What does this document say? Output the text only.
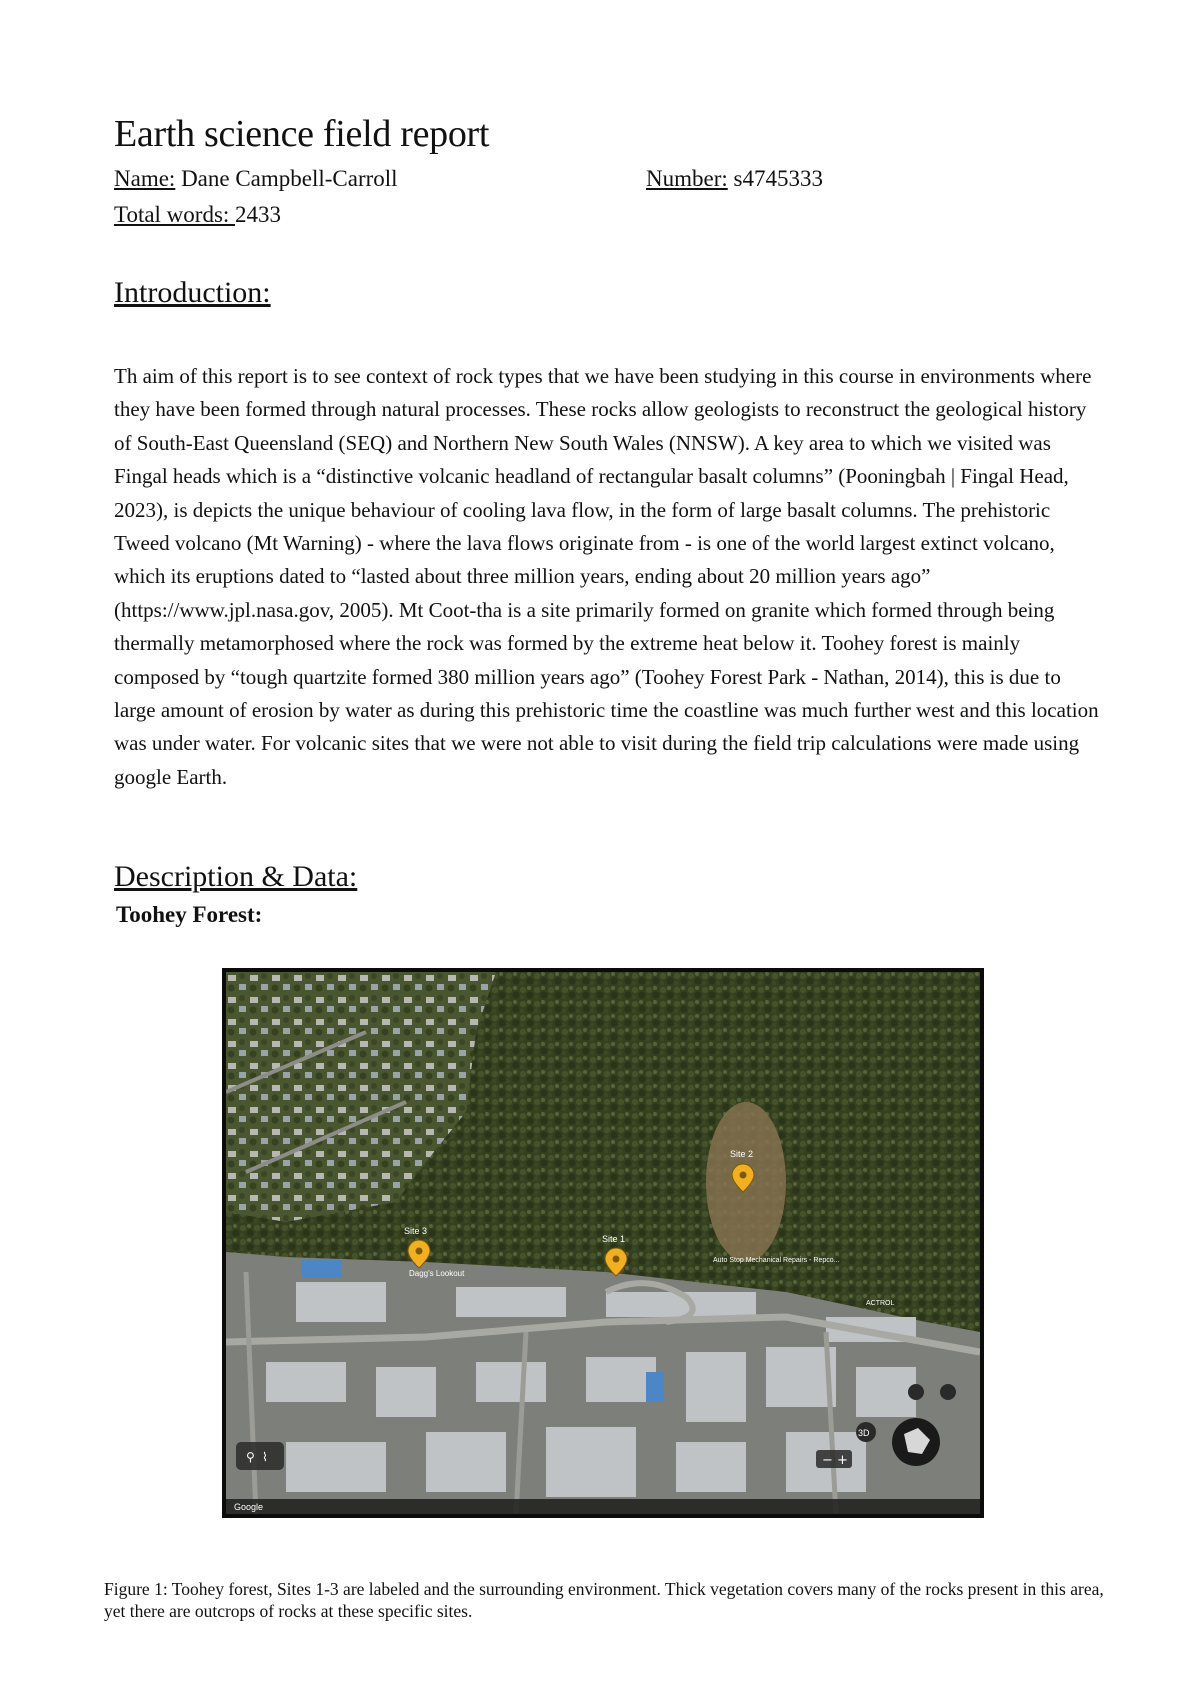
Earth science field report
Name: Dane Campbell-Carroll	Number: s4745333
Total words: 2433
Introduction:

Th aim of this report is to see context of rock types that we have been studying in this course in environments where they have been formed through natural processes. These rocks allow geologists to reconstruct the geological history of South-East Queensland (SEQ) and Northern New South Wales (NNSW). A key area to which we visited was Fingal heads which is a “distinctive volcanic headland of rectangular basalt columns” (Pooningbah | Fingal Head, 2023), is depicts the unique behaviour of cooling lava flow, in the form of large basalt columns. The prehistoric Tweed volcano (Mt Warning) - where the lava flows originate from - is one of the world largest extinct volcano, which its eruptions dated to “lasted about three million years, ending about 20 million years ago” (https://www.jpl.nasa.gov, 2005). Mt Coot-tha is a site primarily formed on granite which formed through being thermally metamorphosed where the rock was formed by the extreme heat below it. Toohey forest is mainly composed by “tough quartzite formed 380 million years ago” (Toohey Forest Park - Nathan, 2014), this is due to large amount of erosion by water as during this prehistoric time the coastline was much further west and this location was under water. For volcanic sites that we were not able to visit during the field trip calculations were made using google Earth.

Description & Data:

Toohey Forest:

Site 3
Dagg's Lookout
Site 1
Site 2
Auto Stop Mechanical Repairs - Repco...
ACTROL
⚲ ⌇	− +
3D
Google

Figure 1: Toohey forest, Sites 1-3 are labeled and the surrounding environment. Thick vegetation covers many of the rocks present in this area, yet there are outcrops of rocks at these specific sites.
